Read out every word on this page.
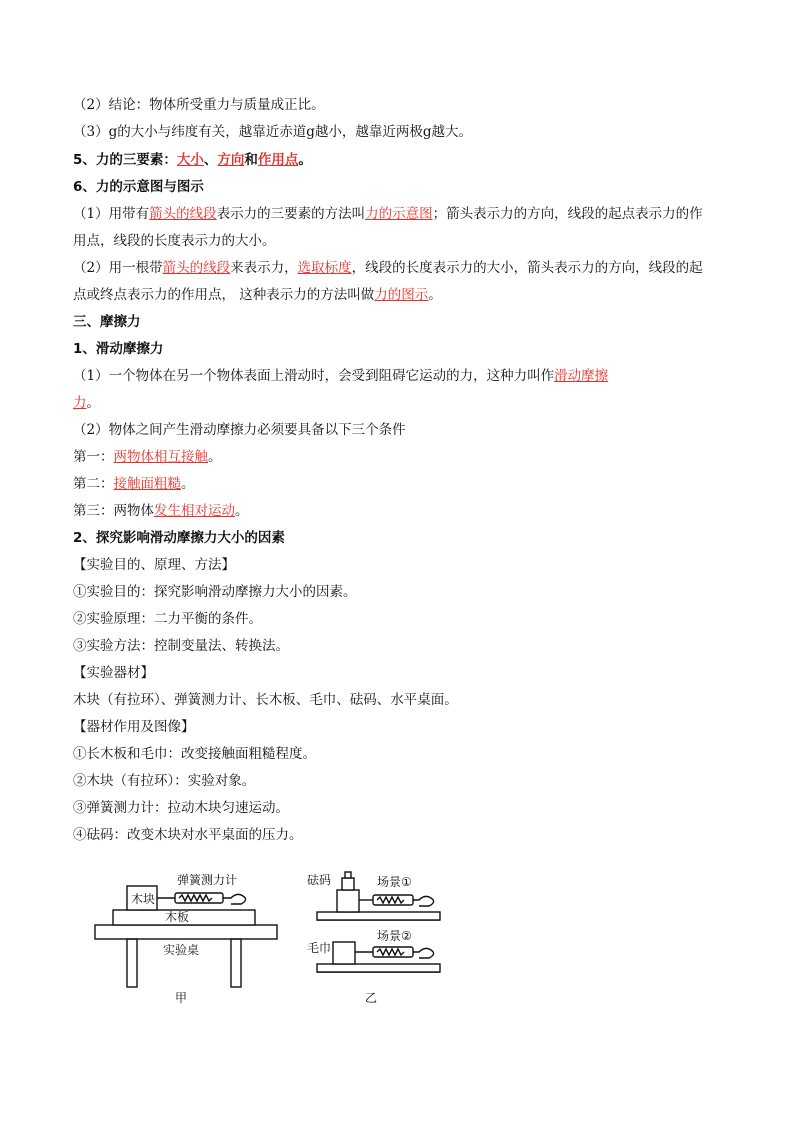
（2）结论：物体所受重力与质量成正比。
（3）g的大小与纬度有关，越靠近赤道g越小，越靠近两极g越大。
5、力的三要素：大小、方向和作用点。
6、力的示意图与图示
（1）用带有箭头的线段表示力的三要素的方法叫力的示意图；箭头表示力的方向，线段的起点表示力的作
用点，线段的长度表示力的大小。
（2）用一根带箭头的线段来表示力，选取标度，线段的长度表示力的大小，箭头表示力的方向，线段的起
点或终点表示力的作用点， 这种表示力的方法叫做力的图示。
三、摩擦力
1、滑动摩擦力
（1）一个物体在另一个物体表面上滑动时，会受到阻碍它运动的力，这种力叫作滑动摩擦
力。
（2）物体之间产生滑动摩擦力必须要具备以下三个条件
第一：两物体相互接触。
第二：接触面粗糙。
第三：两物体发生相对运动。
2、探究影响滑动摩擦力大小的因素
【实验目的、原理、方法】
①实验目的：探究影响滑动摩擦力大小的因素。
②实验原理：二力平衡的条件。
③实验方法：控制变量法、转换法。
【实验器材】
木块（有拉环）、弹簧测力计、长木板、毛巾、砝码、水平桌面。
【器材作用及图像】
①长木板和毛巾：改变接触面粗糙程度。
②木块（有拉环）：实验对象。
③弹簧测力计：拉动木块匀速运动。
④砝码：改变木块对水平桌面的压力。
木块
弹簧测力计
木板
实验桌
甲
砝码	场景①
毛巾
场景②
乙
